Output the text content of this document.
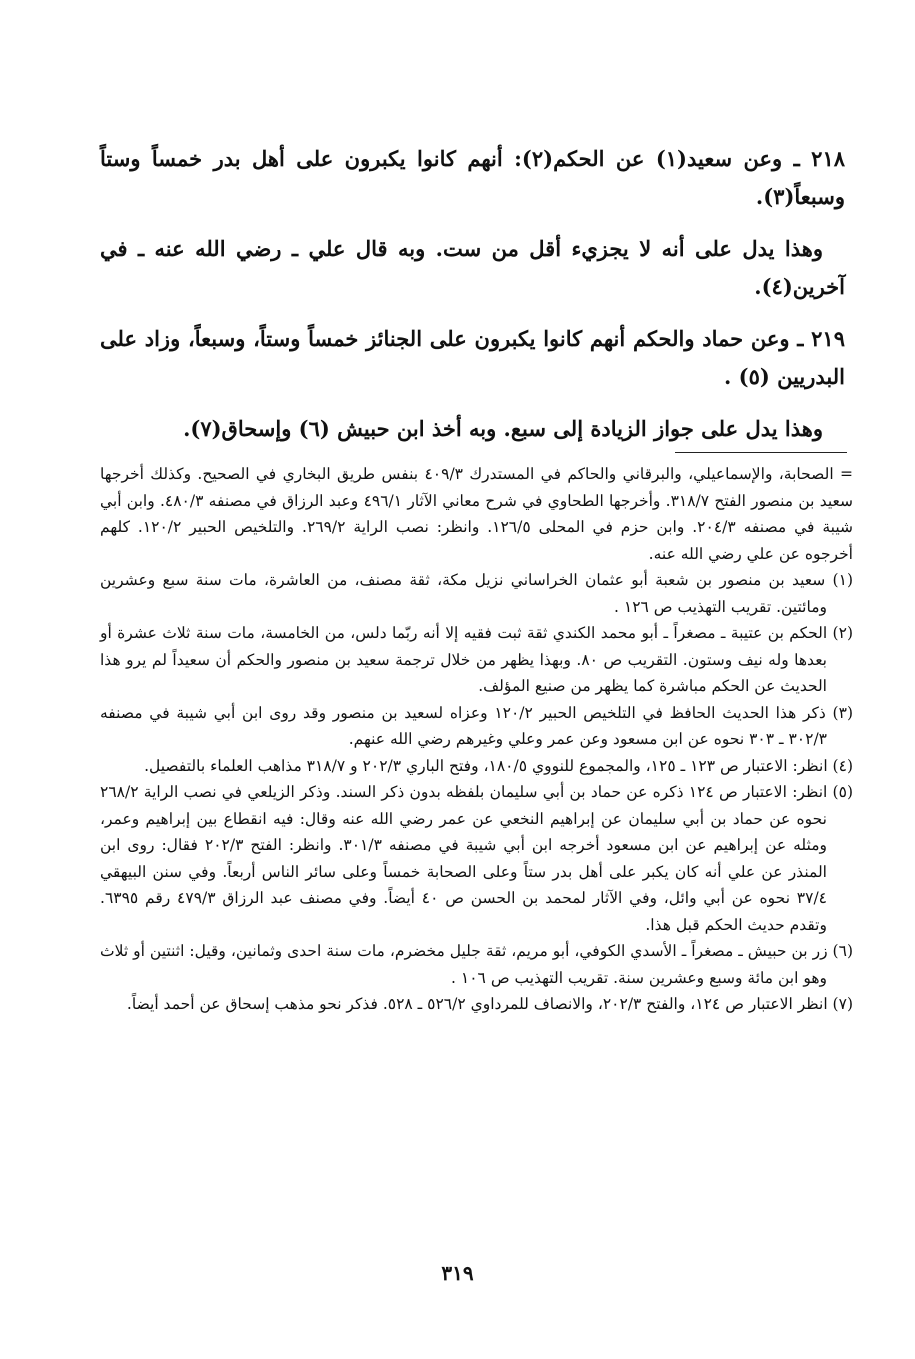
٢١٨ ـ وعن سعيد(١) عن الحكم(٢): أنهم كانوا يكبرون على أهل بدر خمساً وستاً وسبعاً(٣).

وهذا يدل على أنه لا يجزيء أقل من ست. وبه قال علي ـ رضي الله عنه ـ في آخرين(٤).

٢١٩ ـ وعن حماد والحكم أنهم كانوا يكبرون على الجنائز خمساً وستاً، وسبعاً، وزاد على البدريين (٥) .

وهذا يدل على جواز الزيادة إلى سبع. وبه أخذ ابن حبيش (٦) وإسحاق(٧).

= الصحابة، والإسماعيلي، والبرقاني والحاكم في المستدرك ٤٠٩/٣ بنفس طريق البخاري في الصحيح. وكذلك أخرجها سعيد بن منصور الفتح ٣١٨/٧. وأخرجها الطحاوي في شرح معاني الآثار ٤٩٦/١ وعبد الرزاق في مصنفه ٤٨٠/٣. وابن أبي شيبة في مصنفه ٢٠٤/٣. وابن حزم في المحلى ١٢٦/٥. وانظر: نصب الراية ٢٦٩/٢. والتلخيص الحبير ١٢٠/٢. كلهم أخرجوه عن علي رضي الله عنه.

(١) سعيد بن منصور بن شعبة أبو عثمان الخراساني نزيل مكة، ثقة مصنف، من العاشرة، مات سنة سبع وعشرين ومائتين. تقريب التهذيب ص ١٢٦ .

(٢) الحكم بن عتيبة ـ مصغراً ـ أبو محمد الكندي ثقة ثبت فقيه إلا أنه ربّما دلس، من الخامسة، مات سنة ثلاث عشرة أو بعدها وله نيف وستون. التقريب ص ٨٠. وبهذا يظهر من خلال ترجمة سعيد بن منصور والحكم أن سعيداً لم يرو هذا الحديث عن الحكم مباشرة كما يظهر من صنيع المؤلف.

(٣) ذكر هذا الحديث الحافظ في التلخيص الحبير ١٢٠/٢ وعزاه لسعيد بن منصور وقد روى ابن أبي شيبة في مصنفه ٣٠٢/٣ ـ ٣٠٣ نحوه عن ابن مسعود وعن عمر وعلي وغيرهم رضي الله عنهم.

(٤) انظر: الاعتبار ص ١٢٣ ـ ١٢٥، والمجموع للنووي ١٨٠/٥، وفتح الباري ٢٠٢/٣ و ٣١٨/٧ مذاهب العلماء بالتفصيل.

(٥) انظر: الاعتبار ص ١٢٤ ذكره عن حماد بن أبي سليمان بلفظه بدون ذكر السند. وذكر الزيلعي في نصب الراية ٢٦٨/٢ نحوه عن حماد بن أبي سليمان عن إبراهيم النخعي عن عمر رضي الله عنه وقال: فيه انقطاع بين إبراهيم وعمر، ومثله عن إبراهيم عن ابن مسعود أخرجه ابن أبي شيبة في مصنفه ٣٠١/٣. وانظر: الفتح ٢٠٢/٣ فقال: روى ابن المنذر عن علي أنه كان يكبر على أهل بدر ستاً وعلى الصحابة خمساً وعلى سائر الناس أربعاً. وفي سنن البيهقي ٣٧/٤ نحوه عن أبي وائل، وفي الآثار لمحمد بن الحسن ص ٤٠ أيضاً. وفي مصنف عبد الرزاق ٤٧٩/٣ رقم ٦٣٩٥. وتقدم حديث الحكم قبل هذا.

(٦) زر بن حبيش ـ مصغراً ـ الأسدي الكوفي، أبو مريم، ثقة جليل مخضرم، مات سنة احدى وثمانين، وقيل: اثنتين أو ثلاث وهو ابن مائة وسبع وعشرين سنة. تقريب التهذيب ص ١٠٦ .

(٧) انظر الاعتبار ص ١٢٤، والفتح ٢٠٢/٣، والانصاف للمرداوي ٥٢٦/٢ ـ ٥٢٨. فذكر نحو مذهب إسحاق عن أحمد أيضاً.

٣١٩
